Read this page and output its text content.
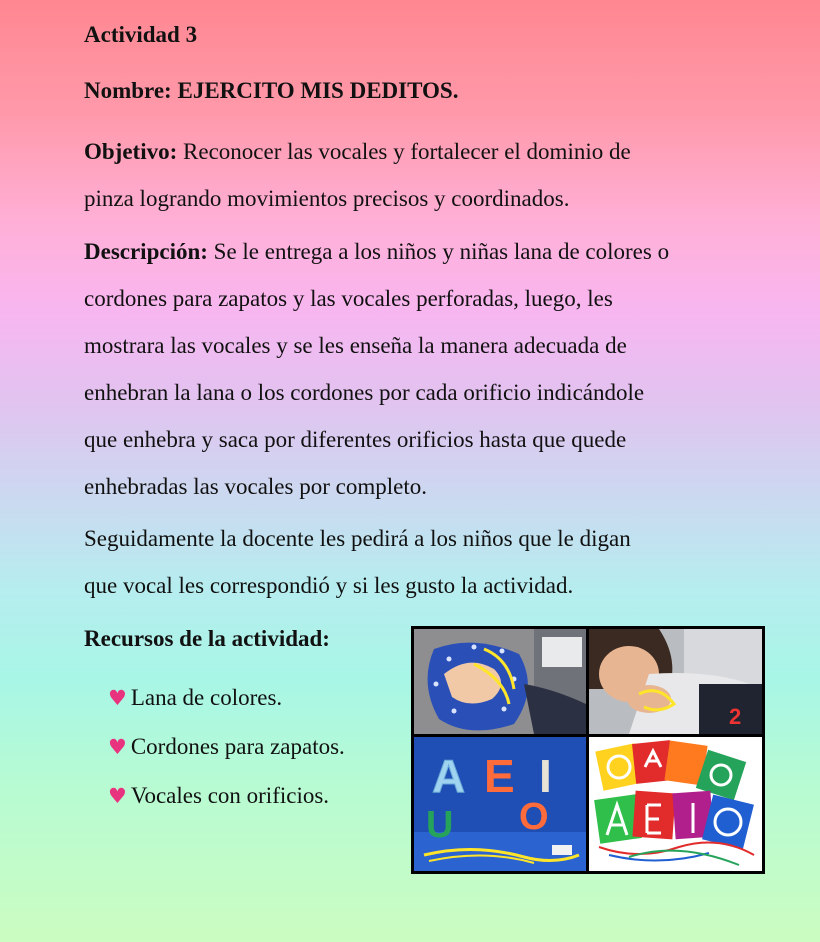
Actividad 3

Nombre: EJERCITO MIS DEDITOS.

Objetivo: Reconocer las vocales y fortalecer el dominio de
pinza logrando movimientos precisos y coordinados.
Descripción: Se le entrega a los niños y niñas lana de colores o
cordones para zapatos y las vocales perforadas, luego, les
mostrara las vocales y se les enseña la manera adecuada de
enhebran la lana o los cordones por cada orificio indicándole
que enhebra y saca por diferentes orificios hasta que quede
enhebradas las vocales por completo.
Seguidamente la docente les pedirá a los niños que le digan
que vocal les correspondió y si les gusto la actividad.

Recursos de la actividad:

♥ Lana de colores.
♥ Cordones para zapatos.
♥ Vocales con orificios.
2
A E I
U O
